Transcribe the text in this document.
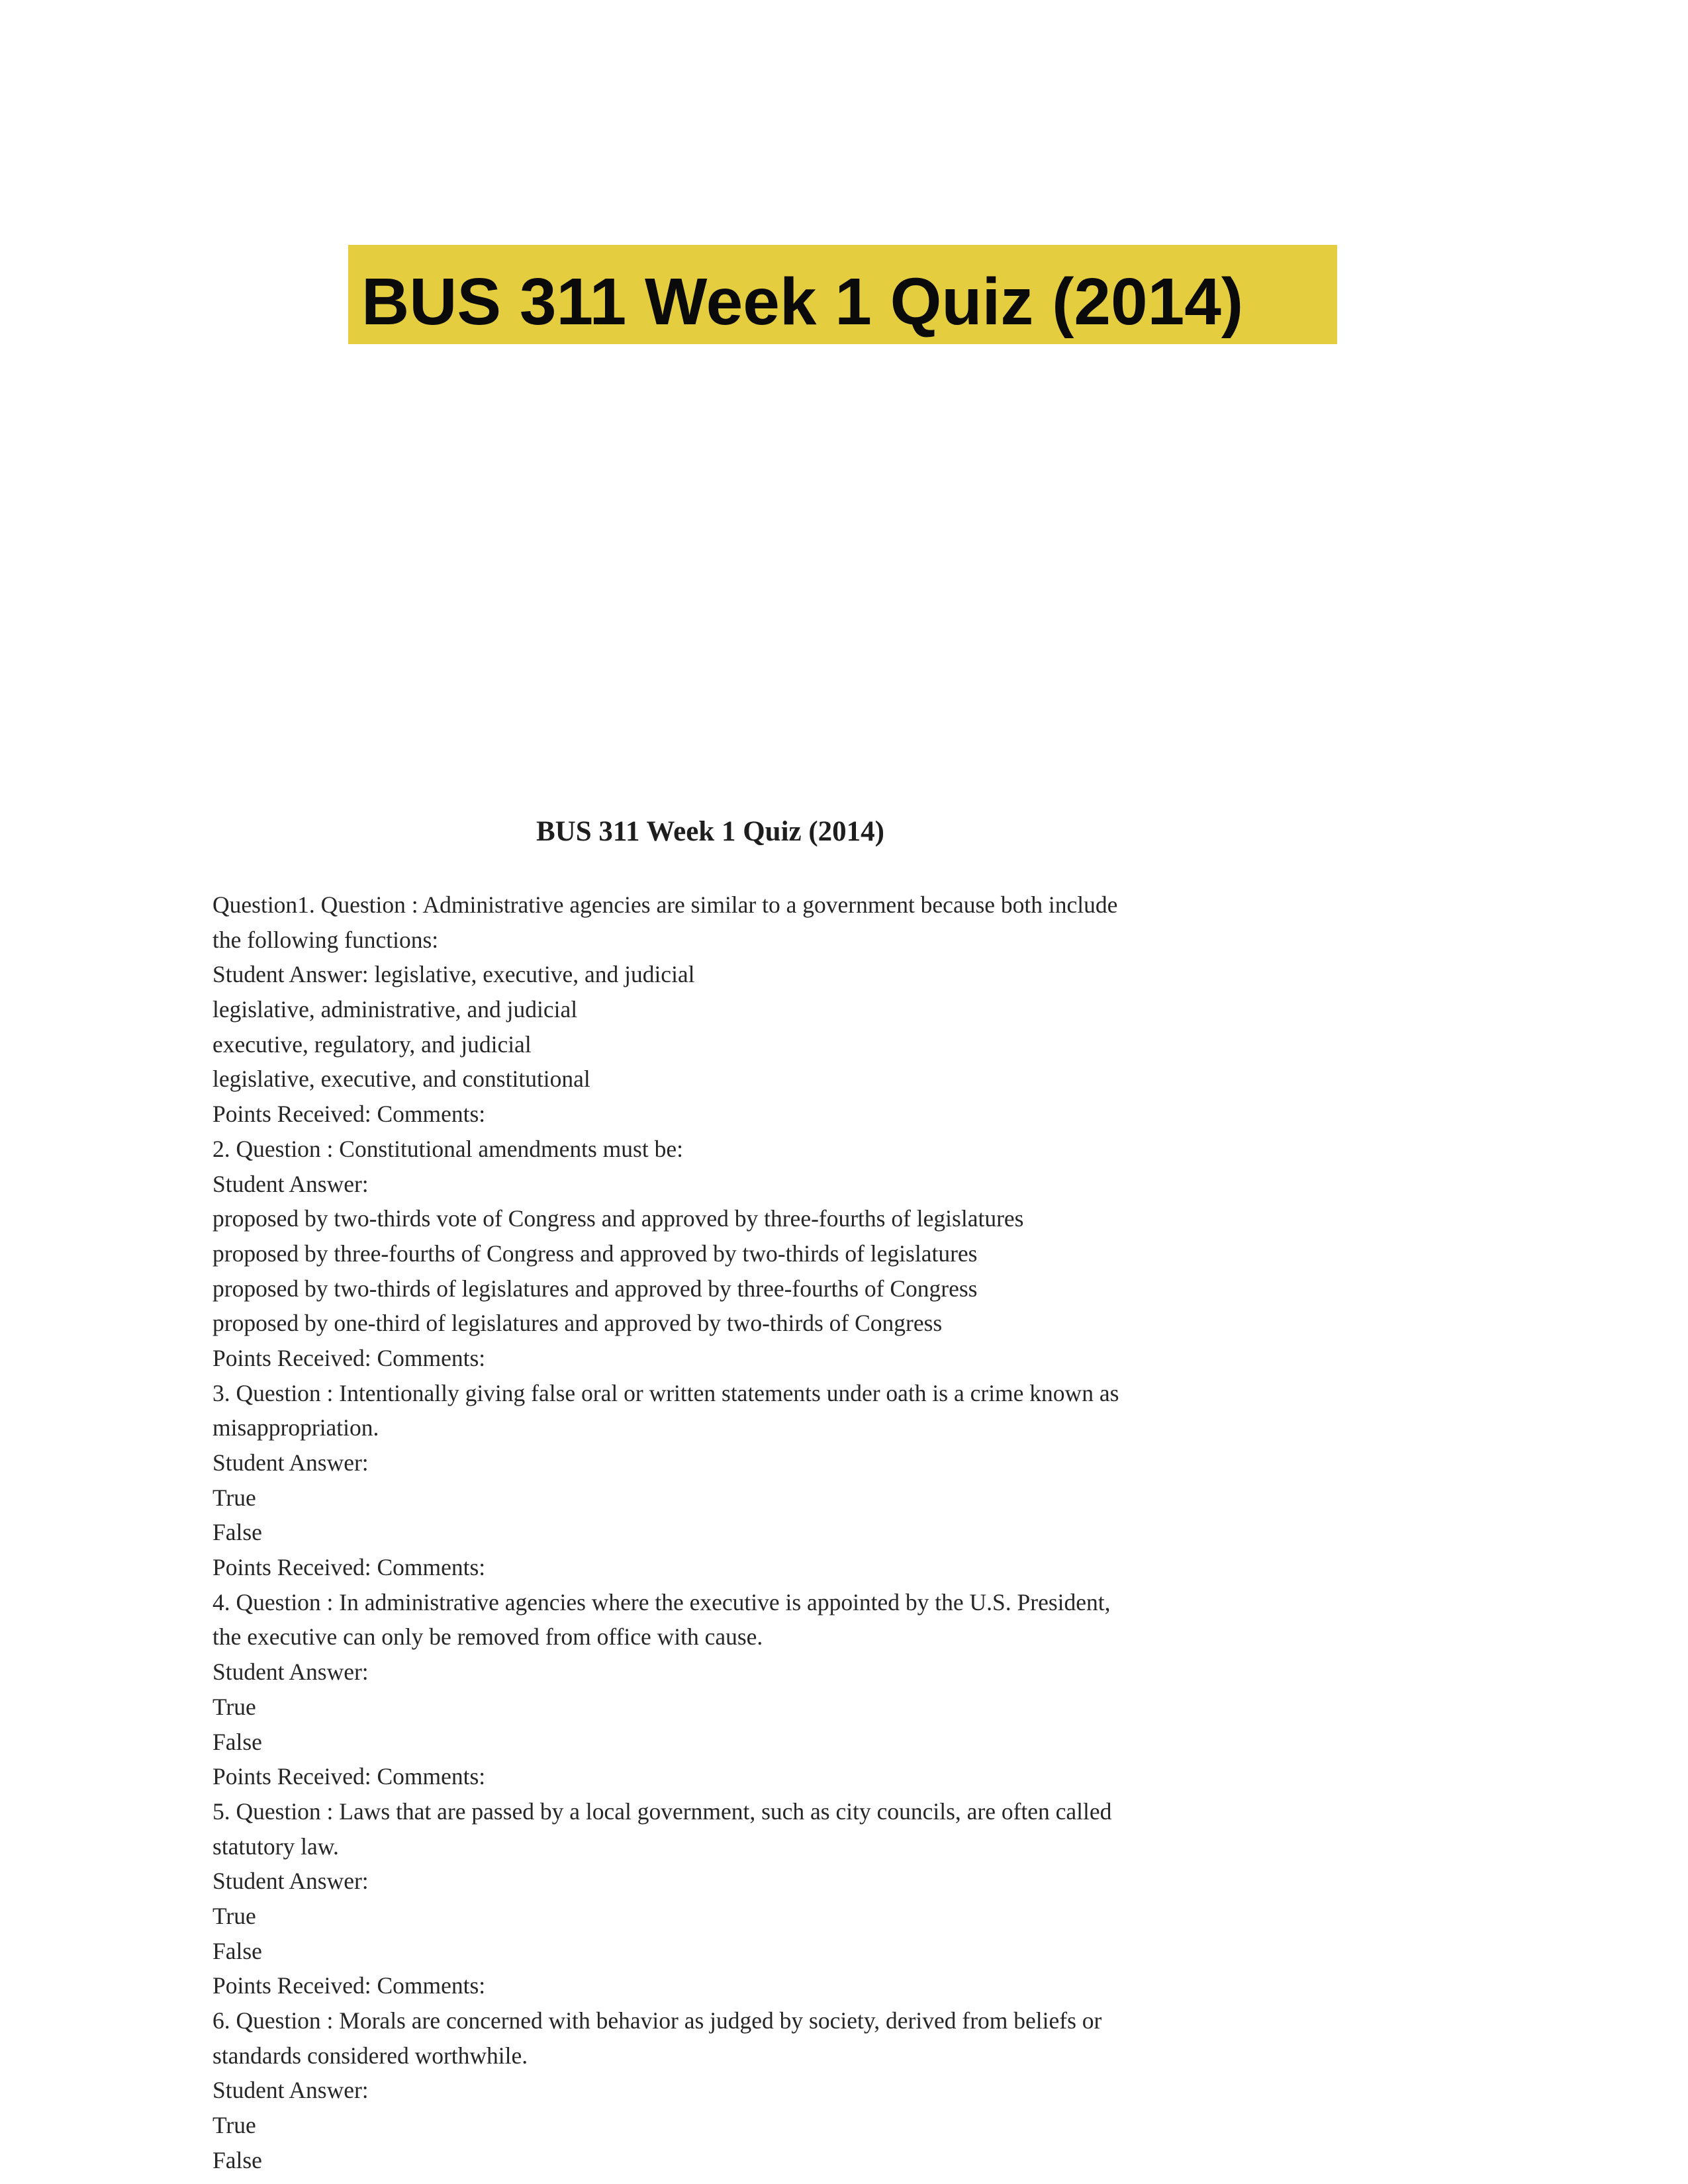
BUS 311 Week 1 Quiz (2014)
BUS 311 Week 1 Quiz (2014)
Question1. Question : Administrative agencies are similar to a government because both include
the following functions:
Student Answer: legislative, executive, and judicial
legislative, administrative, and judicial
executive, regulatory, and judicial
legislative, executive, and constitutional
Points Received: Comments:
2. Question : Constitutional amendments must be:
Student Answer:
proposed by two-thirds vote of Congress and approved by three-fourths of legislatures
proposed by three-fourths of Congress and approved by two-thirds of legislatures
proposed by two-thirds of legislatures and approved by three-fourths of Congress
proposed by one-third of legislatures and approved by two-thirds of Congress
Points Received: Comments:
3. Question : Intentionally giving false oral or written statements under oath is a crime known as
misappropriation.
Student Answer:
True
False
Points Received: Comments:
4. Question : In administrative agencies where the executive is appointed by the U.S. President,
the executive can only be removed from office with cause.
Student Answer:
True
False
Points Received: Comments:
5. Question : Laws that are passed by a local government, such as city councils, are often called
statutory law.
Student Answer:
True
False
Points Received: Comments:
6. Question : Morals are concerned with behavior as judged by society, derived from beliefs or
standards considered worthwhile.
Student Answer:
True
False
